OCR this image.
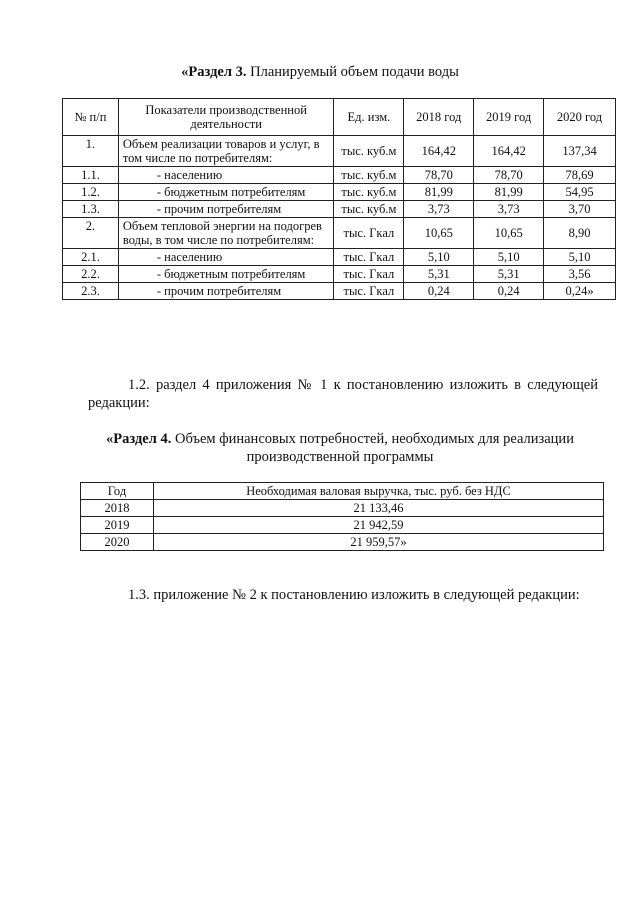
«Раздел 3. Планируемый объем подачи воды
№ п/п	Показатели производственной деятельности	Ед. изм.	2018 год	2019 год	2020 год
1.	Объем реализации товаров и услуг, в том числе по потребителям:	тыс. куб.м	164,42	164,42	137,34
1.1.	- населению	тыс. куб.м	78,70	78,70	78,69
1.2.	- бюджетным потребителям	тыс. куб.м	81,99	81,99	54,95
1.3.	- прочим потребителям	тыс. куб.м	3,73	3,73	3,70
2.	Объем тепловой энергии на подогрев воды, в том числе по потребителям:	тыс. Гкал	10,65	10,65	8,90
2.1.	- населению	тыс. Гкал	5,10	5,10	5,10
2.2.	- бюджетным потребителям	тыс. Гкал	5,31	5,31	3,56
2.3.	- прочим потребителям	тыс. Гкал	0,24	0,24	0,24»
1.2. раздел 4 приложения № 1 к постановлению изложить в следующей редакции:
«Раздел 4. Объем финансовых потребностей, необходимых для реализации производственной программы
Год	Необходимая валовая выручка, тыс. руб. без НДС
2018	21 133,46
2019	21 942,59
2020	21 959,57»
1.3. приложение № 2 к постановлению изложить в следующей редакции:
